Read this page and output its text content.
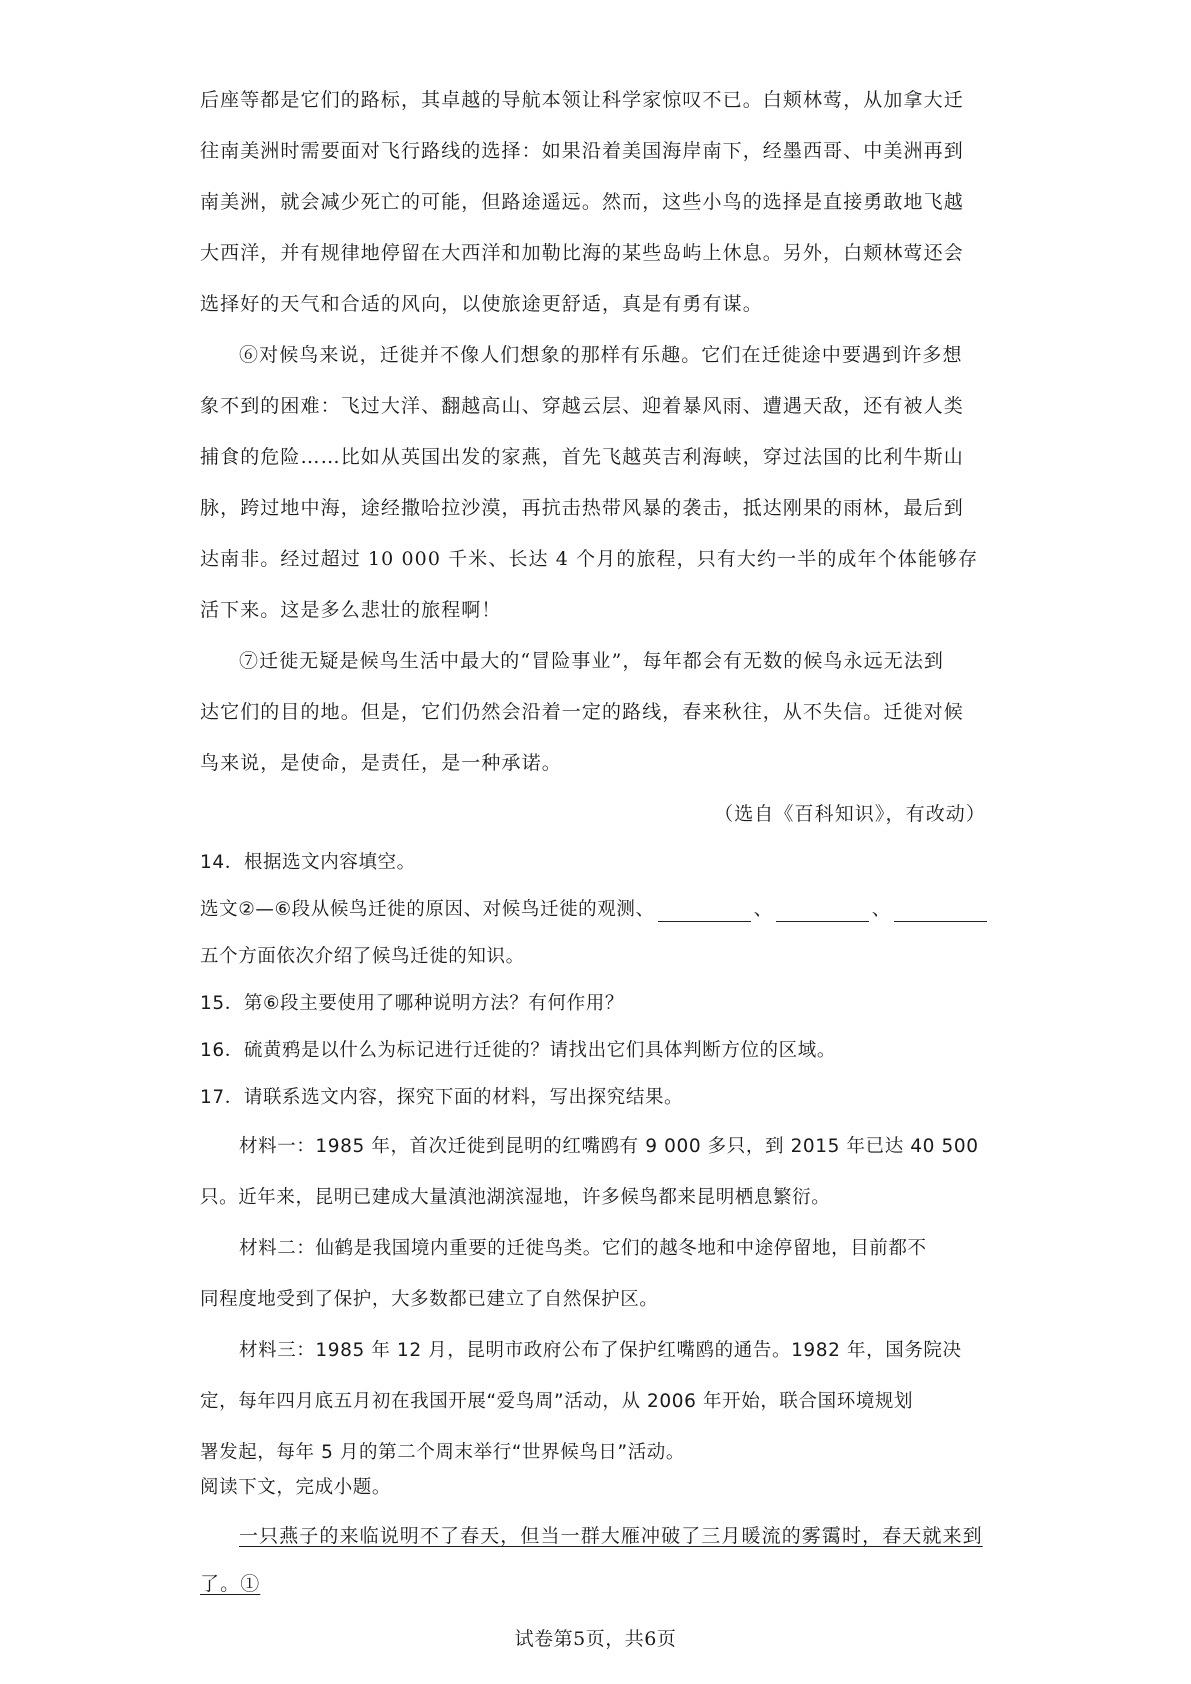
后座等都是它们的路标，其卓越的导航本领让科学家惊叹不已。白颊林莺，从加拿大迁

往南美洲时需要面对飞行路线的选择：如果沿着美国海岸南下，经墨西哥、中美洲再到

南美洲，就会减少死亡的可能，但路途遥远。然而，这些小鸟的选择是直接勇敢地飞越

大西洋，并有规律地停留在大西洋和加勒比海的某些岛屿上休息。另外，白颊林莺还会

选择好的天气和合适的风向，以使旅途更舒适，真是有勇有谋。

⑥对候鸟来说，迁徙并不像人们想象的那样有乐趣。它们在迁徙途中要遇到许多想

象不到的困难：飞过大洋、翻越高山、穿越云层、迎着暴风雨、遭遇天敌，还有被人类

捕食的危险……比如从英国出发的家燕，首先飞越英吉利海峡，穿过法国的比利牛斯山

脉，跨过地中海，途经撒哈拉沙漠，再抗击热带风暴的袭击，抵达刚果的雨林，最后到

达南非。经过超过 10 000 千米、长达 4 个月的旅程，只有大约一半的成年个体能够存

活下来。这是多么悲壮的旅程啊！

⑦迁徙无疑是候鸟生活中最大的“冒险事业”，每年都会有无数的候鸟永远无法到

达它们的目的地。但是，它们仍然会沿着一定的路线，春来秋往，从不失信。迁徙对候

鸟来说，是使命，是责任，是一种承诺。

（选自《百科知识》，有改动）

14．根据选文内容填空。

选文②—⑥段从候鸟迁徙的原因、对候鸟迁徙的观测、	、	、

五个方面依次介绍了候鸟迁徙的知识。

15．第⑥段主要使用了哪种说明方法？有何作用？

16．硫黄鸦是以什么为标记进行迁徙的？请找出它们具体判断方位的区域。

17．请联系选文内容，探究下面的材料，写出探究结果。

材料一：1985 年，首次迁徙到昆明的红嘴鸥有 9 000 多只，到 2015 年已达 40 500

只。近年来，昆明已建成大量滇池湖滨湿地，许多候鸟都来昆明栖息繁衍。

材料二：仙鹤是我国境内重要的迁徙鸟类。它们的越冬地和中途停留地，目前都不

同程度地受到了保护，大多数都已建立了自然保护区。

材料三：1985 年 12 月，昆明市政府公布了保护红嘴鸥的通告。1982 年，国务院决

定，每年四月底五月初在我国开展“爱鸟周”活动，从 2006 年开始，联合国环境规划

署发起，每年 5 月的第二个周末举行“世界候鸟日”活动。

阅读下文，完成小题。

一只燕子的来临说明不了春天，但当一群大雁冲破了三月暖流的雾霭时，春天就来到

了。①

试卷第5页，共6页
